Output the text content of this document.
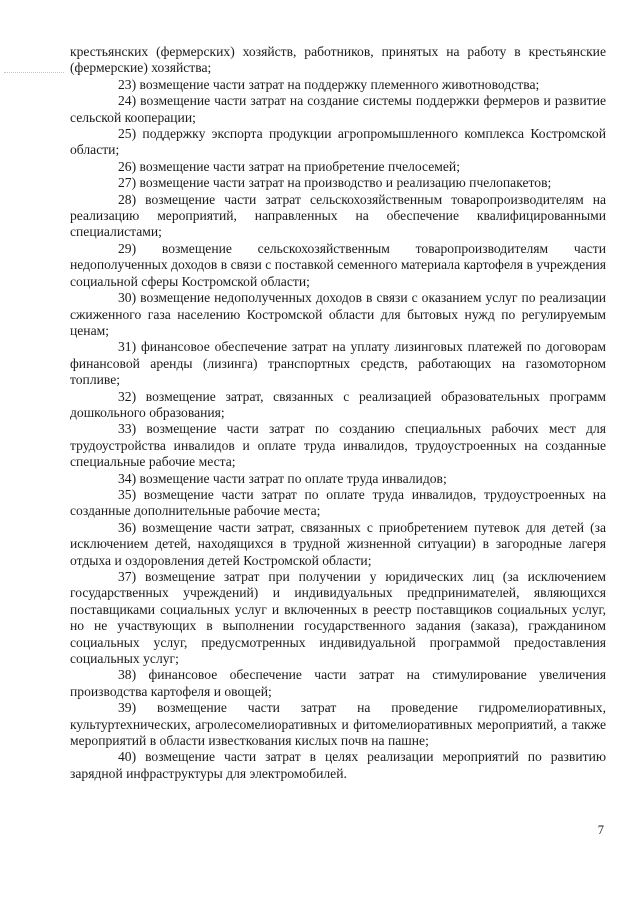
крестьянских (фермерских) хозяйств, работников, принятых на работу в крестьянские (фермерские) хозяйства;

23) возмещение части затрат на поддержку племенного животноводства;

24) возмещение части затрат на создание системы поддержки фермеров и развитие сельской кооперации;

25) поддержку экспорта продукции агропромышленного комплекса Костромской области;

26) возмещение части затрат на приобретение пчелосемей;

27) возмещение части затрат на производство и реализацию пчелопакетов;

28) возмещение части затрат сельскохозяйственным товаропроизводителям на реализацию мероприятий, направленных на обеспечение квалифицированными специалистами;

29) возмещение сельскохозяйственным товаропроизводителям части недополученных доходов в связи с поставкой семенного материала картофеля в учреждения социальной сферы Костромской области;

30) возмещение недополученных доходов в связи с оказанием услуг по реализации сжиженного газа населению Костромской области для бытовых нужд по регулируемым ценам;

31) финансовое обеспечение затрат на уплату лизинговых платежей по договорам финансовой аренды (лизинга) транспортных средств, работающих на газомоторном топливе;

32) возмещение затрат, связанных с реализацией образовательных программ дошкольного образования;

33) возмещение части затрат по созданию специальных рабочих мест для трудоустройства инвалидов и оплате труда инвалидов, трудоустроенных на созданные специальные рабочие места;

34) возмещение части затрат по оплате труда инвалидов;

35) возмещение части затрат по оплате труда инвалидов, трудоустроенных на созданные дополнительные рабочие места;

36) возмещение части затрат, связанных с приобретением путевок для детей (за исключением детей, находящихся в трудной жизненной ситуации) в загородные лагеря отдыха и оздоровления детей Костромской области;

37) возмещение затрат при получении у юридических лиц (за исключением государственных учреждений) и индивидуальных предпринимателей, являющихся поставщиками социальных услуг и включенных в реестр поставщиков социальных услуг, но не участвующих в выполнении государственного задания (заказа), гражданином социальных услуг, предусмотренных индивидуальной программой предоставления социальных услуг;

38) финансовое обеспечение части затрат на стимулирование увеличения производства картофеля и овощей;

39) возмещение части затрат на проведение гидромелиоративных, культуртехнических, агролесомелиоративных и фитомелиоративных мероприятий, а также мероприятий в области известкования кислых почв на пашне;

40) возмещение части затрат в целях реализации мероприятий по развитию зарядной инфраструктуры для электромобилей.

7
